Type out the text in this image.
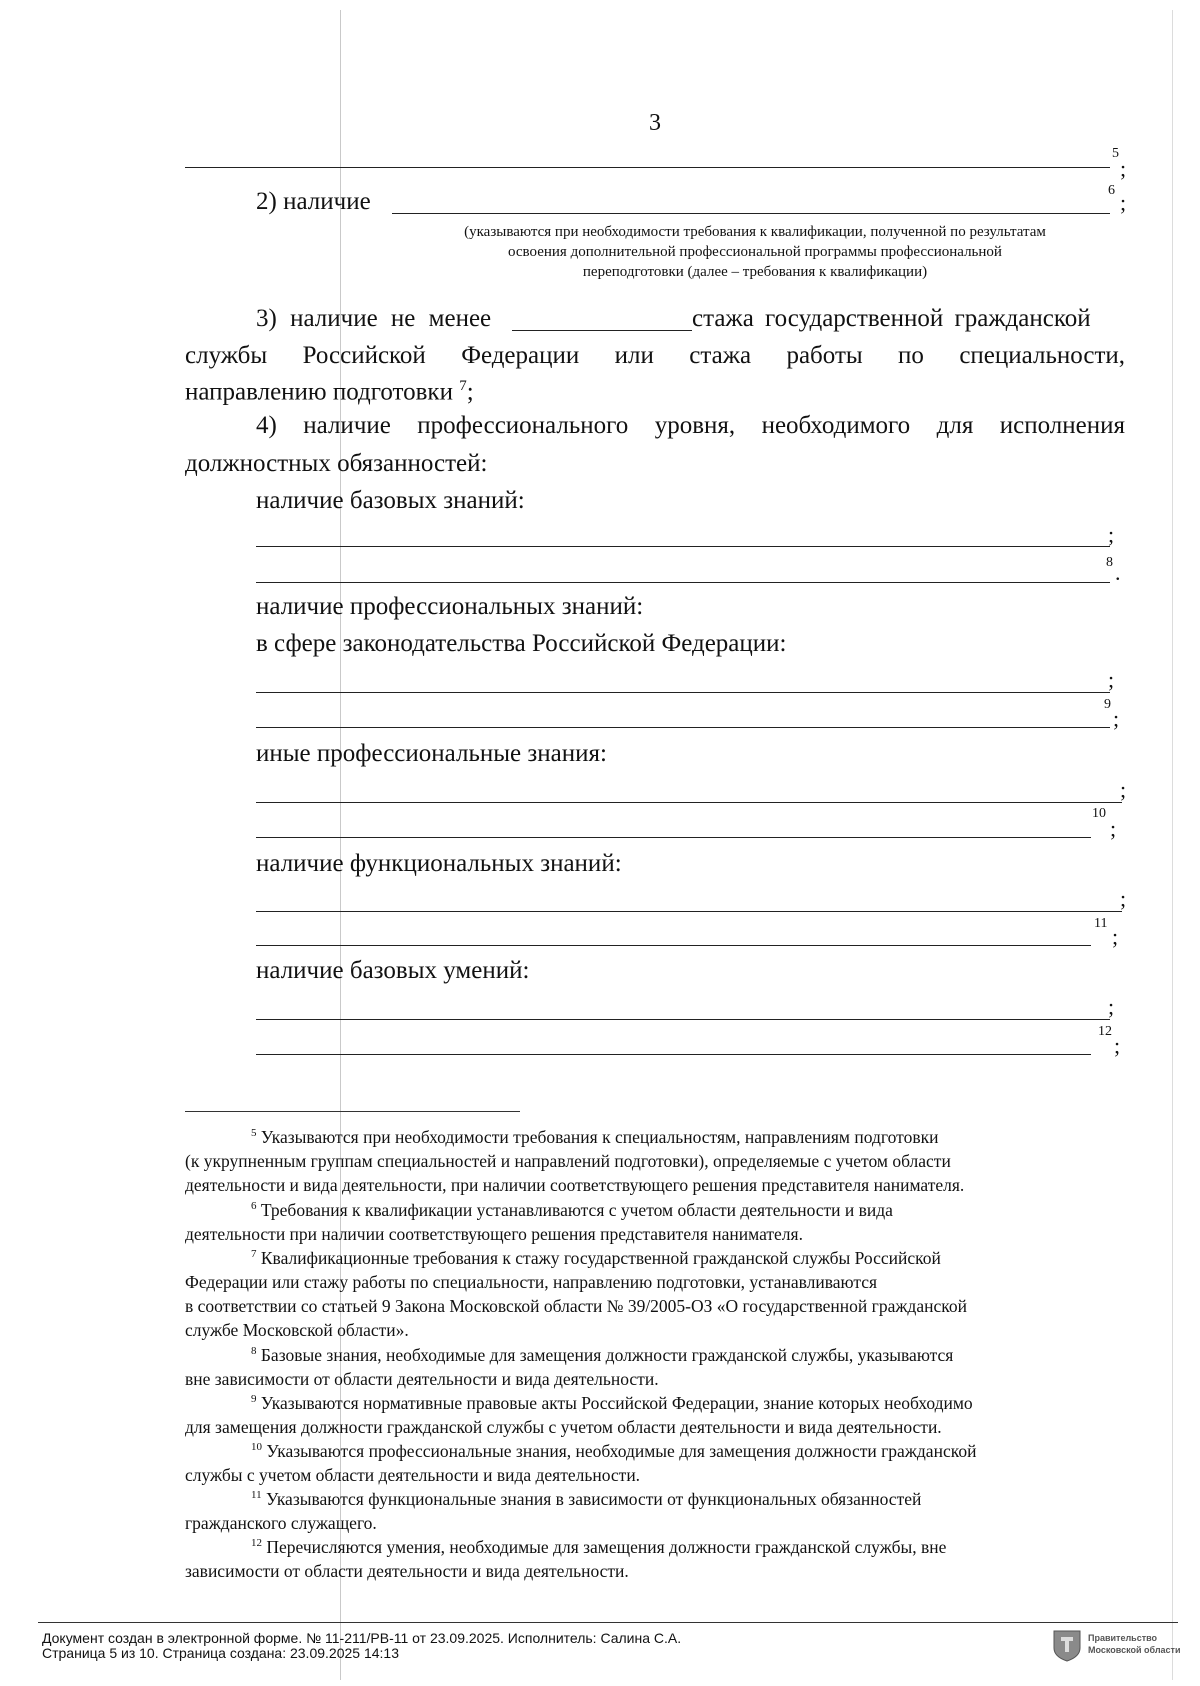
3
5
;
2) наличие	6 ;
(указываются при необходимости требования к квалификации, полученной по результатам
освоения дополнительной профессиональной программы профессиональной
переподготовки (далее – требования к квалификации)
3) наличие не менее	стажа государственной гражданской
службы Российской Федерации или стажа работы по специальности,
направлению подготовки $^7$;
4) наличие профессионального уровня, необходимого для исполнения
должностных обязанностей:
наличие базовых знаний:
;
8 .
наличие профессиональных знаний:
в сфере законодательства Российской Федерации:
;
9
;
иные профессиональные знания:
;
10
;
наличие функциональных знаний:
;
11
;
наличие базовых умений:
;
12
;
$^5$ Указываются при необходимости требования к специальностям, направлениям подготовки
(к укрупненным группам специальностей и направлений подготовки), определяемые с учетом области
деятельности и вида деятельности, при наличии соответствующего решения представителя нанимателя.
$^6$ Требования к квалификации устанавливаются с учетом области деятельности и вида
деятельности при наличии соответствующего решения представителя нанимателя.
$^7$ Квалификационные требования к стажу государственной гражданской службы Российской
Федерации или стажу работы по специальности, направлению подготовки, устанавливаются
в соответствии со статьей 9 Закона Московской области № 39/2005-ОЗ «О государственной гражданской
службе Московской области».
$^8$ Базовые знания, необходимые для замещения должности гражданской службы, указываются
вне зависимости от области деятельности и вида деятельности.
$^9$ Указываются нормативные правовые акты Российской Федерации, знание которых необходимо
для замещения должности гражданской службы с учетом области деятельности и вида деятельности.
$^{10}$ Указываются профессиональные знания, необходимые для замещения должности гражданской
службы с учетом области деятельности и вида деятельности.
$^{11}$ Указываются функциональные знания в зависимости от функциональных обязанностей
гражданского служащего.
$^{12}$ Перечисляются умения, необходимые для замещения должности гражданской службы, вне
зависимости от области деятельности и вида деятельности.
Документ создан в электронной форме. № 11-211/РВ-11 от 23.09.2025. Исполнитель: Салина С.А.
Страница 5 из 10. Страница создана: 23.09.2025 14:13
Правительство
Московской области
